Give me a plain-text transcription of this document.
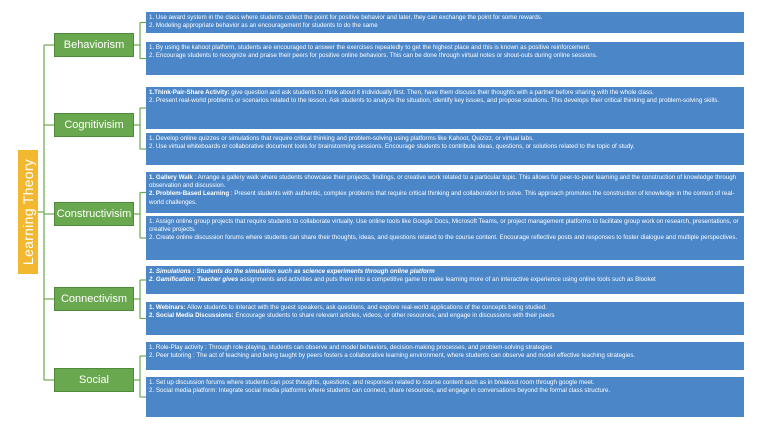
Learning Theory
Behaviorism

1. Use award system in the class where students collect the point for positive behavior and later, they can exchange the point for some rewards.

2. Modeling appropriate behavior as an encouragement for students to do the same

1. By using the kahoot platform, students are encouraged to answer the exercises repeatedly to get the highest place and this is known as positive reinforcement.

2. Encourage students to recognize and praise their peers for positive online behaviors. This can be done through virtual notes or shout-outs during online sessions.

Cognitivisim

1.Think-Pair-Share Activity: give question and ask students to think about it individually first. Then, have them discuss their thoughts with a partner before sharing with the whole class.

2. Present real-world problems or scenarios related to the lesson. Ask students to analyze the situation, identify key issues, and propose solutions. This develops their critical thinking and problem-solving skills.

1. Develop online quizzes or simulations that require critical thinking and problem-solving using platforms like Kahoot, Quizizz, or virtual labs.

2. Use virtual whiteboards or collaborative document tools for brainstorming sessions. Encourage students to contribute ideas, questions, or solutions related to the topic of study.

Constructivisim

1. Gallery Walk : Arrange a gallery walk where students showcase their projects, findings, or creative work related to a particular topic. This allows for peer-to-peer learning and the construction of knowledge through observation and discussion.

2. Problem-Based Learning : Present students with authentic, complex problems that require critical thinking and collaboration to solve. This approach promotes the construction of knowledge in the context of real-world challenges.

1. Assign online group projects that require students to collaborate virtually. Use online tools like Google Docs, Microsoft Teams, or project management platforms to facilitate group work on research, presentations, or creative projects.

2. Create online discussion forums where students can share their thoughts, ideas, and questions related to the course content. Encourage reflective posts and responses to foster dialogue and multiple perspectives.

Connectivism

1. Simulations : Students do the simulation such as science experiments through online platform

2. Gamification: Teacher gives assignments and activities and puts them into a competitive game to make learning more of an interactive experience using online tools such as Blooket

1. Webinars: Allow students to interact with the guest speakers, ask questions, and explore real-world applications of the concepts being studied.

2. Social Media Discussions: Encourage students to share relevant articles, videos, or other resources, and engage in discussions with their peers

Social

1. Role-Play activity : Through role-playing, students can observe and model behaviors, decision-making processes, and problem-solving strategies

2. Peer tutoring : The act of teaching and being taught by peers fosters a collaborative learning environment, where students can observe and model effective teaching strategies.

1. Set up discussion forums where students can post thoughts, questions, and responses related to course content such as in breakout room through google meet.

2. Social media platform: Integrate social media platforms where students can connect, share resources, and engage in conversations beyond the formal class structure.
